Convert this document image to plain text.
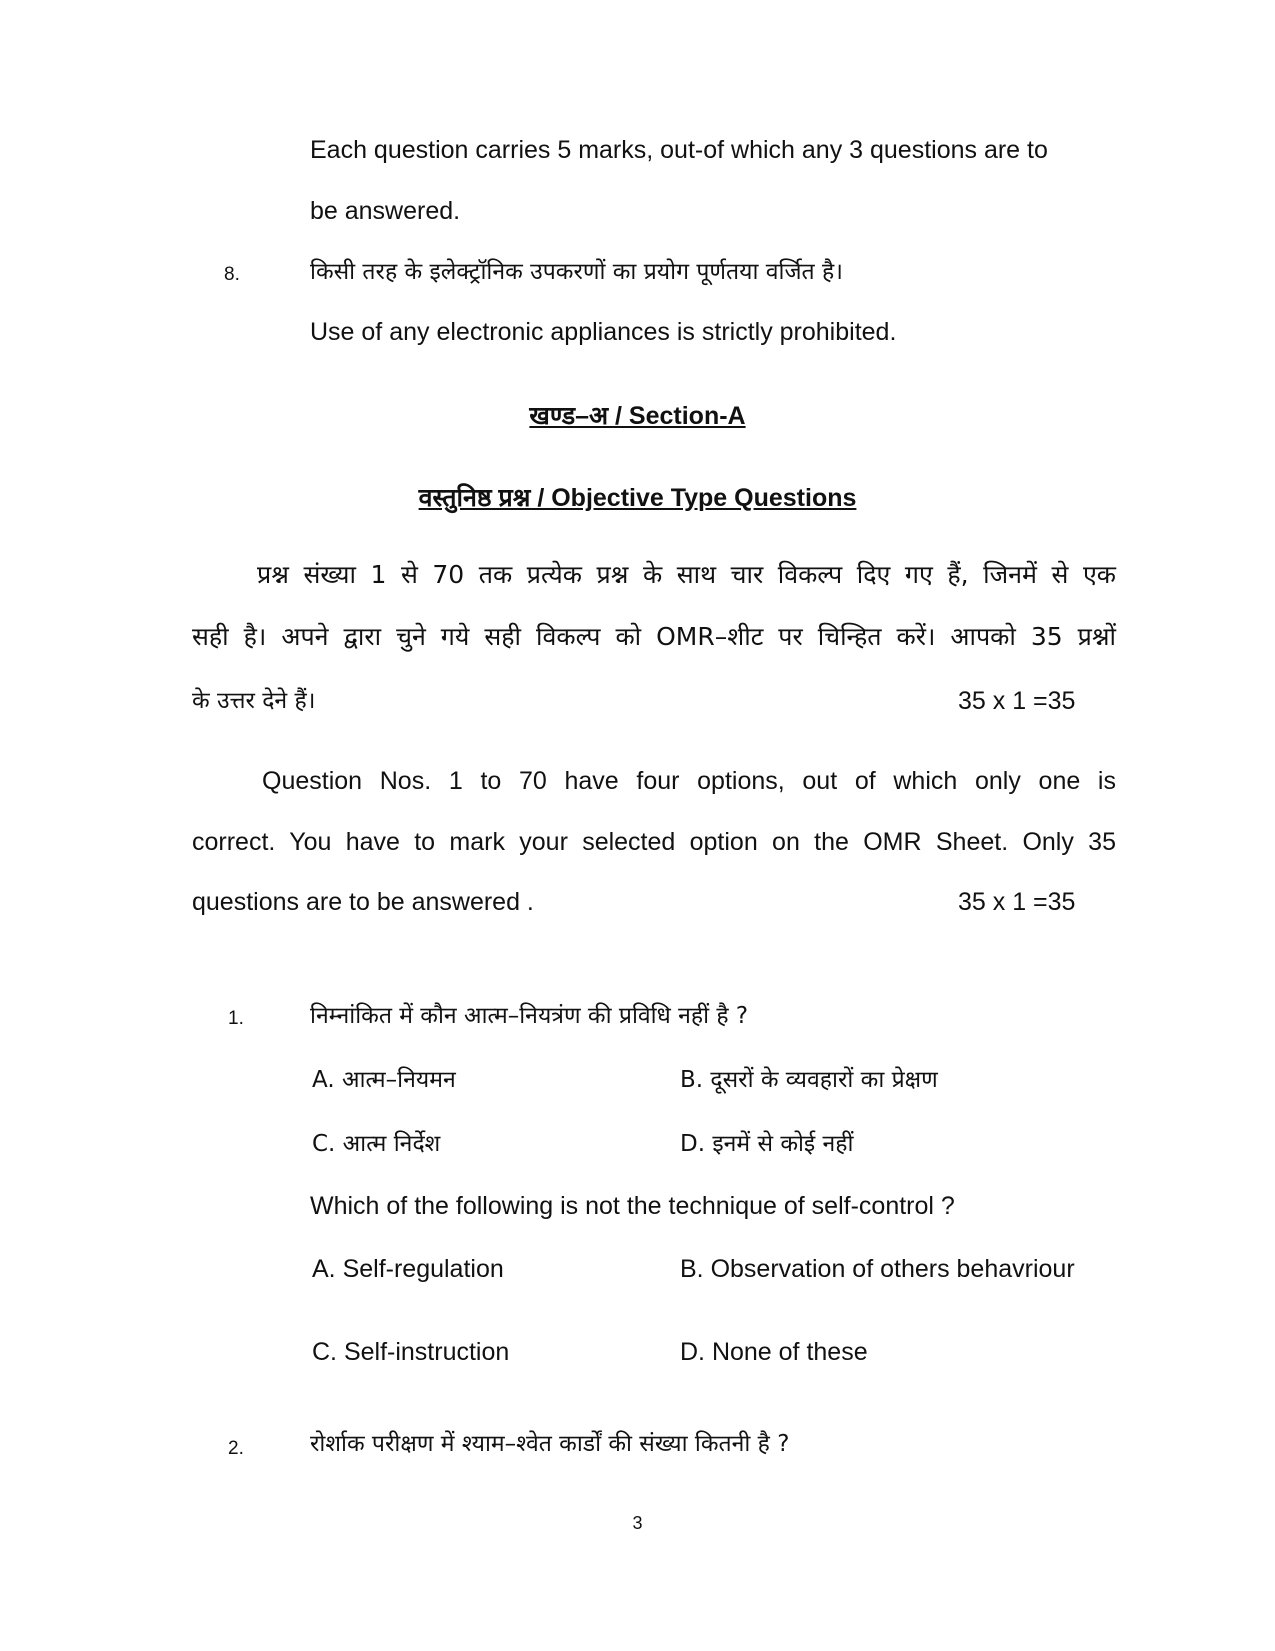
Each question carries 5 marks, out-of which any 3 questions are to
be answered.
8.	किसी तरह के इलेक्ट्रॉनिक उपकरणों का प्रयोग पूर्णतया वर्जित है।
Use of any electronic appliances is strictly prohibited.
खण्ड–अ / Section-A
वस्तुनिष्ठ प्रश्न / Objective Type Questions
प्रश्न संख्या 1 से 70 तक प्रत्येक प्रश्न के साथ चार विकल्प दिए गए हैं, जिनमें से एक
सही है। अपने द्वारा चुने गये सही विकल्प को OMR–शीट पर चिन्हित करें। आपको 35 प्रश्नों
के उत्तर देने हैं।	35 x 1 =35
Question Nos. 1 to 70 have four options, out of which only one is
correct. You have to mark your selected option on the OMR Sheet. Only 35
questions are to be answered .	35 x 1 =35
1.	निम्नांकित में कौन आत्म–नियत्रंण की प्रविधि नहीं है ?
A. आत्म–नियमन	B. दूसरों के व्यवहारों का प्रेक्षण
C. आत्म निर्देश	D. इनमें से कोई नहीं
Which of the following is not the technique of self-control ?
A. Self-regulation	B. Observation of others behavriour
C. Self-instruction	D. None of these
2.	रोर्शाक परीक्षण में श्याम–श्वेत कार्डों की संख्या कितनी है ?
3
